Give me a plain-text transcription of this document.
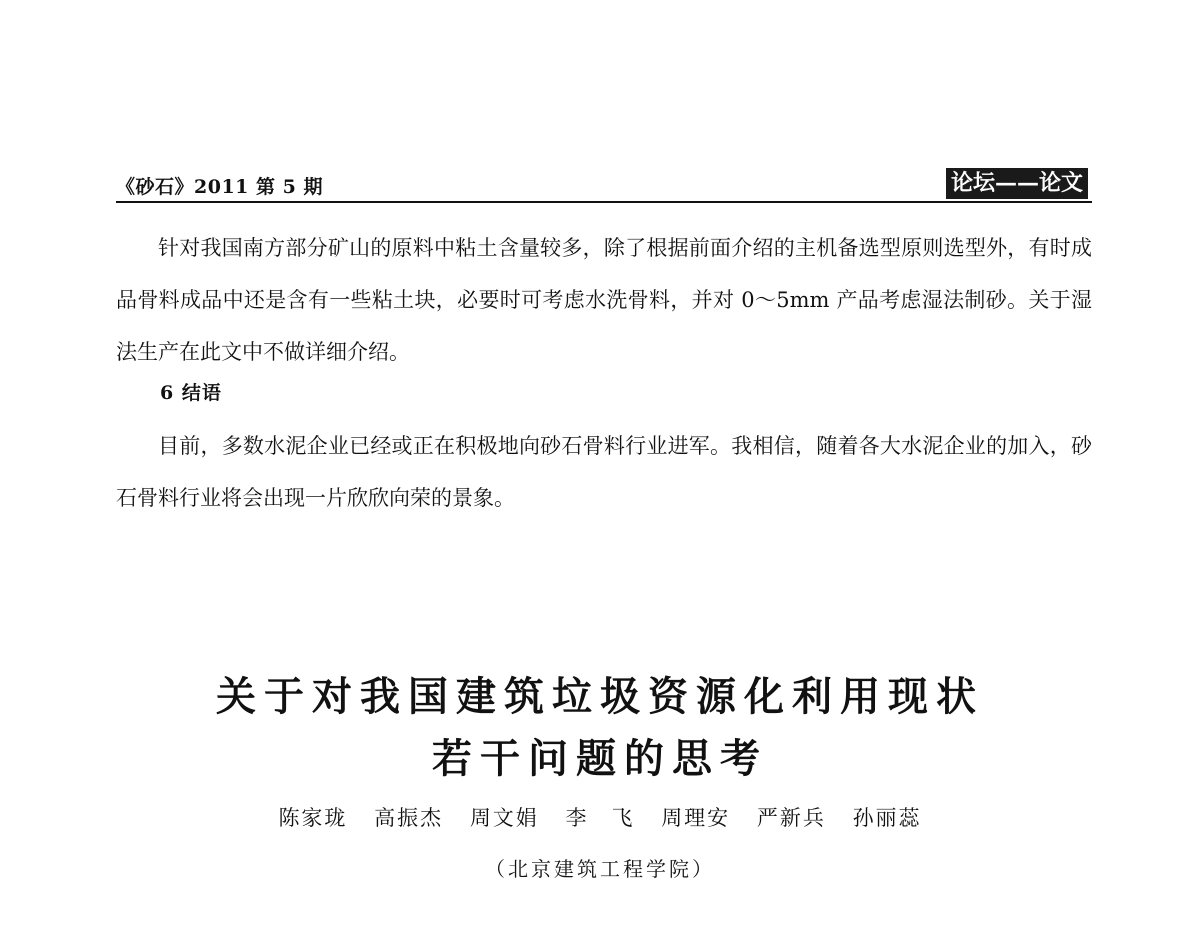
《砂石》2011 第 5 期	论坛——论文

针对我国南方部分矿山的原料中粘土含量较多，除了根据前面介绍的主机备选型原则选型外，有时成品骨料成品中还是含有一些粘土块，必要时可考虑水洗骨料，并对 0～5mm 产品考虑湿法制砂。关于湿法生产在此文中不做详细介绍。

6 结语

目前，多数水泥企业已经或正在积极地向砂石骨料行业进军。我相信，随着各大水泥企业的加入，砂石骨料行业将会出现一片欣欣向荣的景象。

关于对我国建筑垃圾资源化利用现状
若干问题的思考
陈家珑 高振杰 周文娟 李　飞 周理安 严新兵 孙丽蕊
（北京建筑工程学院）
